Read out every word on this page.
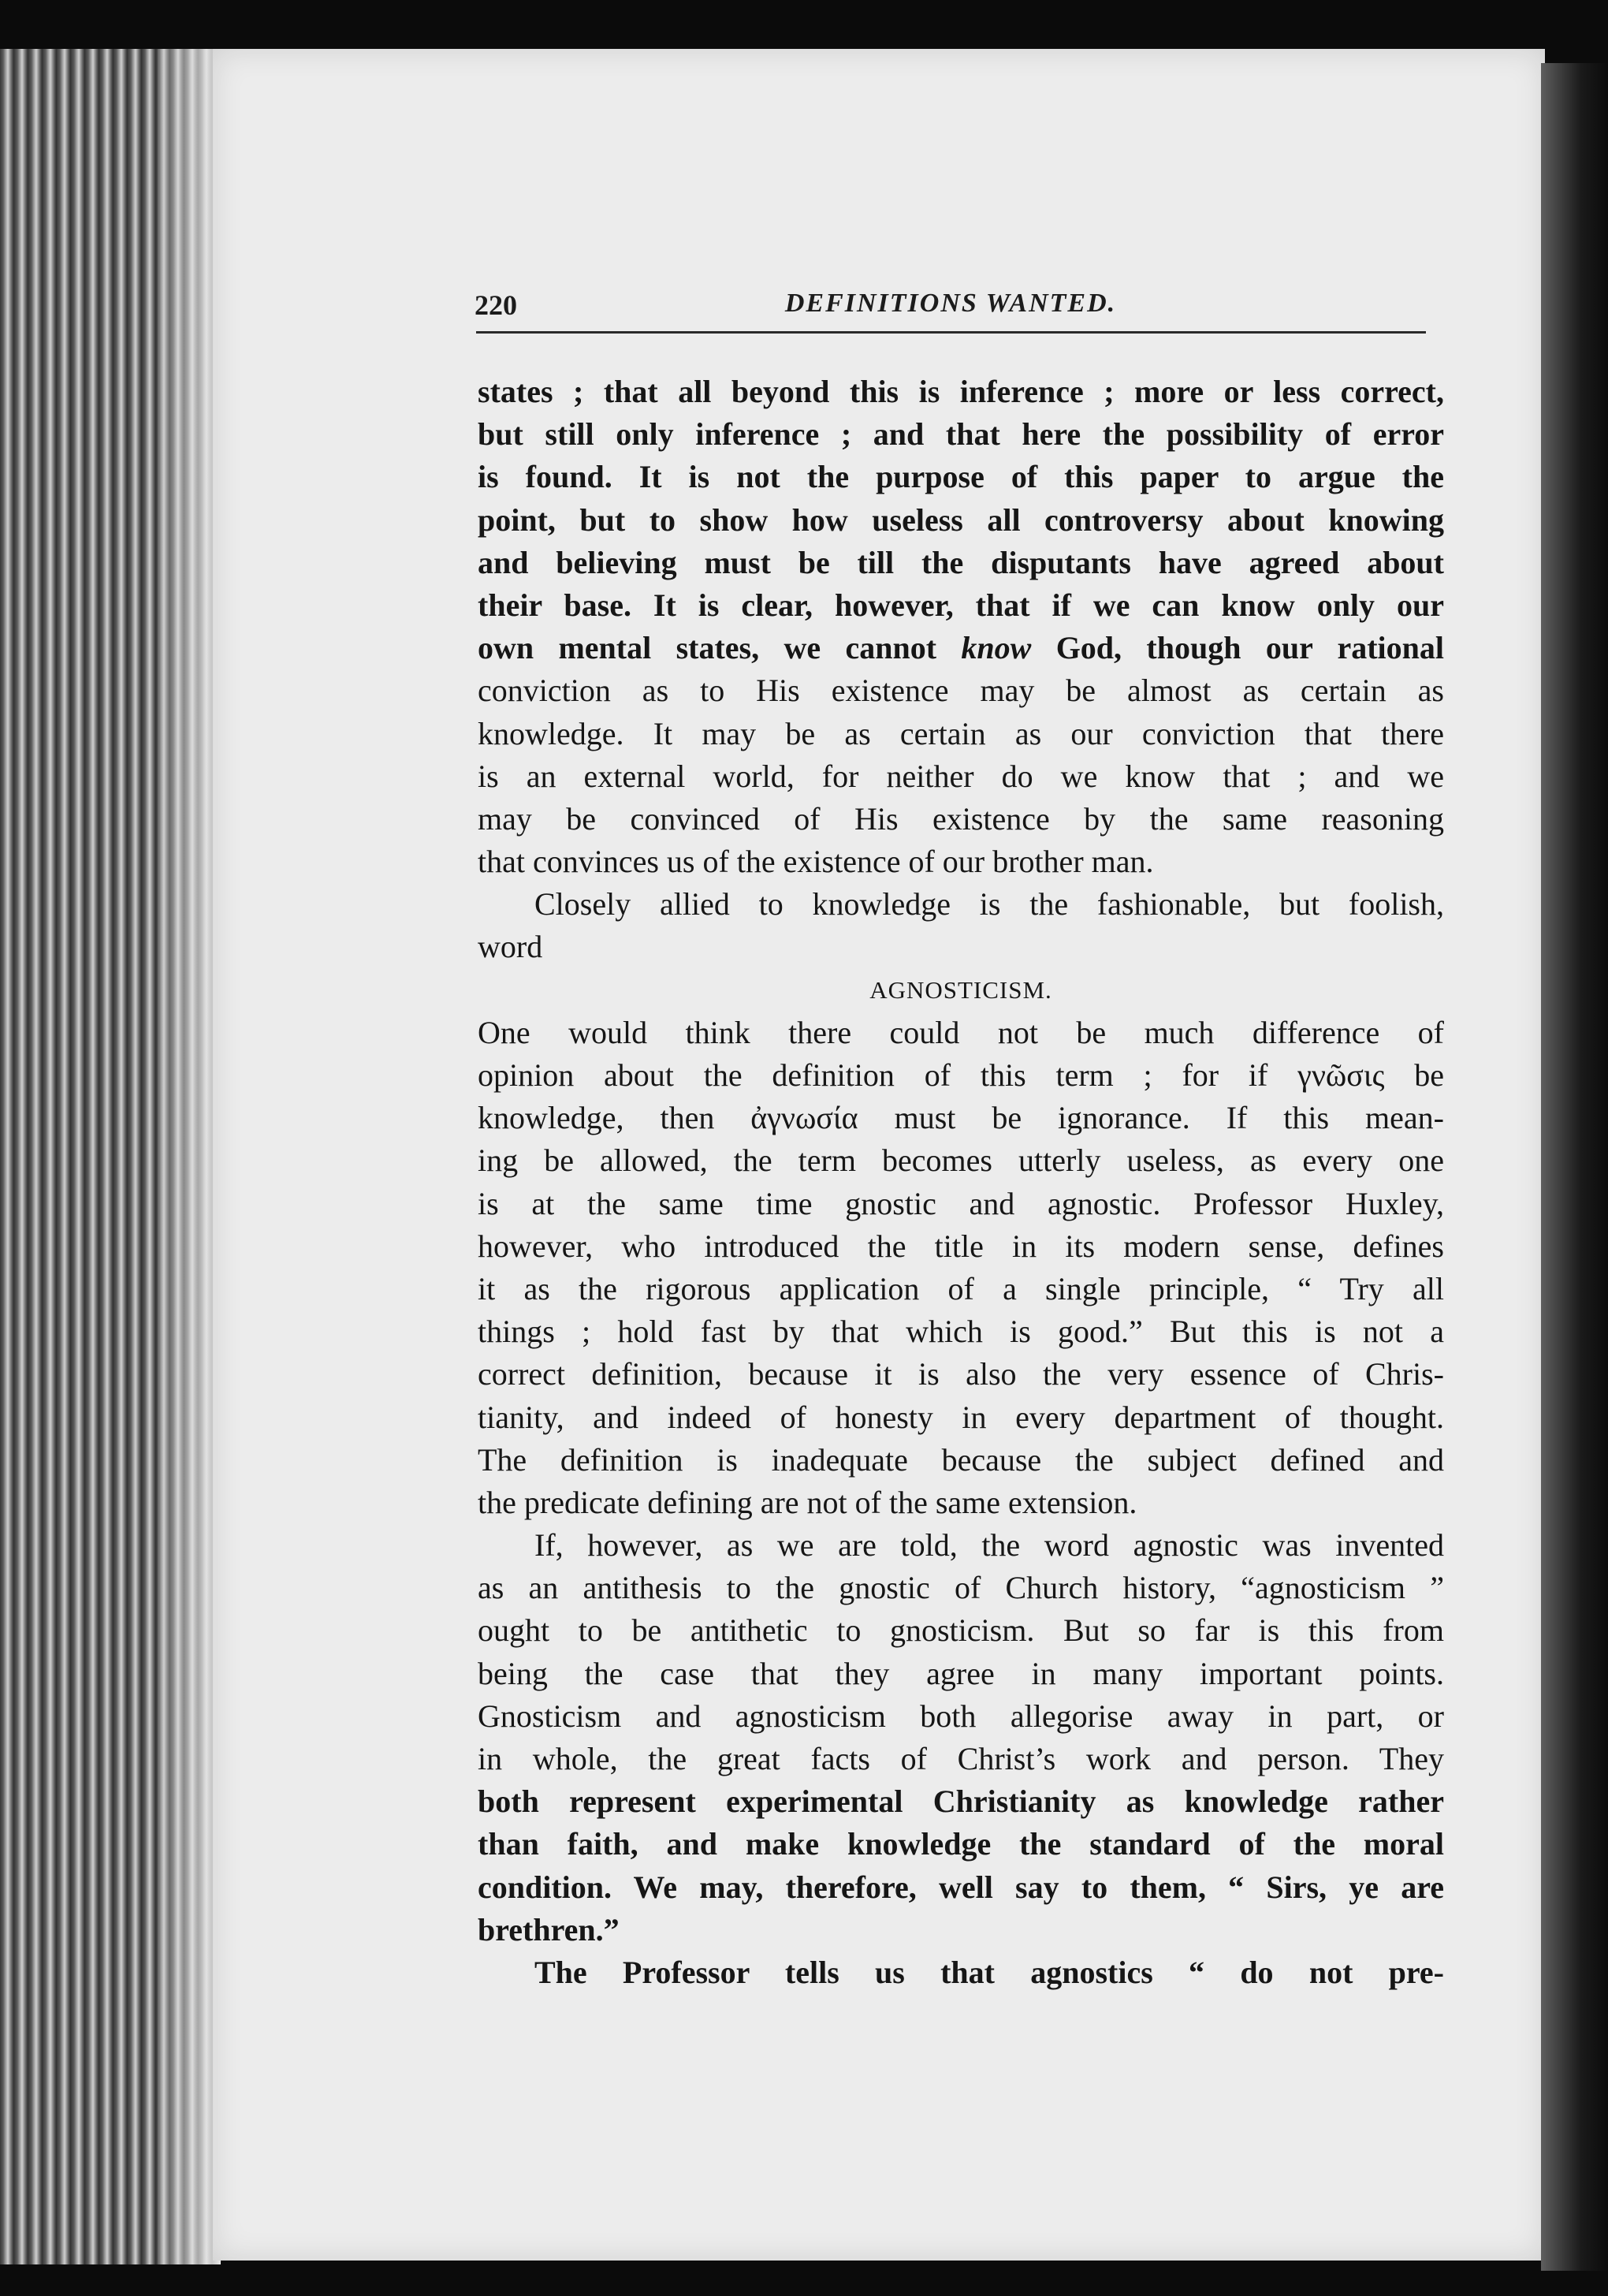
220	DEFINITIONS WANTED.
states ; that all beyond this is inference ; more or less correct,
but still only inference ; and that here the possibility of error
is found. It is not the purpose of this paper to argue the
point, but to show how useless all controversy about knowing
and believing must be till the disputants have agreed about
their base. It is clear, however, that if we can know only our
own mental states, we cannot know God, though our rational
conviction as to His existence may be almost as certain as
knowledge. It may be as certain as our conviction that there
is an external world, for neither do we know that ; and we
may be convinced of His existence by the same reasoning
that convinces us of the existence of our brother man.
Closely allied to knowledge is the fashionable, but foolish,
word
AGNOSTICISM.
One would think there could not be much difference of
opinion about the definition of this term ; for if γνῶσις be
knowledge, then ἀγνωσία must be ignorance. If this mean-
ing be allowed, the term becomes utterly useless, as every one
is at the same time gnostic and agnostic. Professor Huxley,
however, who introduced the title in its modern sense, defines
it as the rigorous application of a single principle, “ Try all
things ; hold fast by that which is good.” But this is not a
correct definition, because it is also the very essence of Chris-
tianity, and indeed of honesty in every department of thought.
The definition is inadequate because the subject defined and
the predicate defining are not of the same extension.
If, however, as we are told, the word agnostic was invented
as an antithesis to the gnostic of Church history, “agnosticism ”
ought to be antithetic to gnosticism. But so far is this from
being the case that they agree in many important points.
Gnosticism and agnosticism both allegorise away in part, or
in whole, the great facts of Christ’s work and person. They
both represent experimental Christianity as knowledge rather
than faith, and make knowledge the standard of the moral
condition. We may, therefore, well say to them, “ Sirs, ye are
brethren.”
The Professor tells us that agnostics “ do not pre-
